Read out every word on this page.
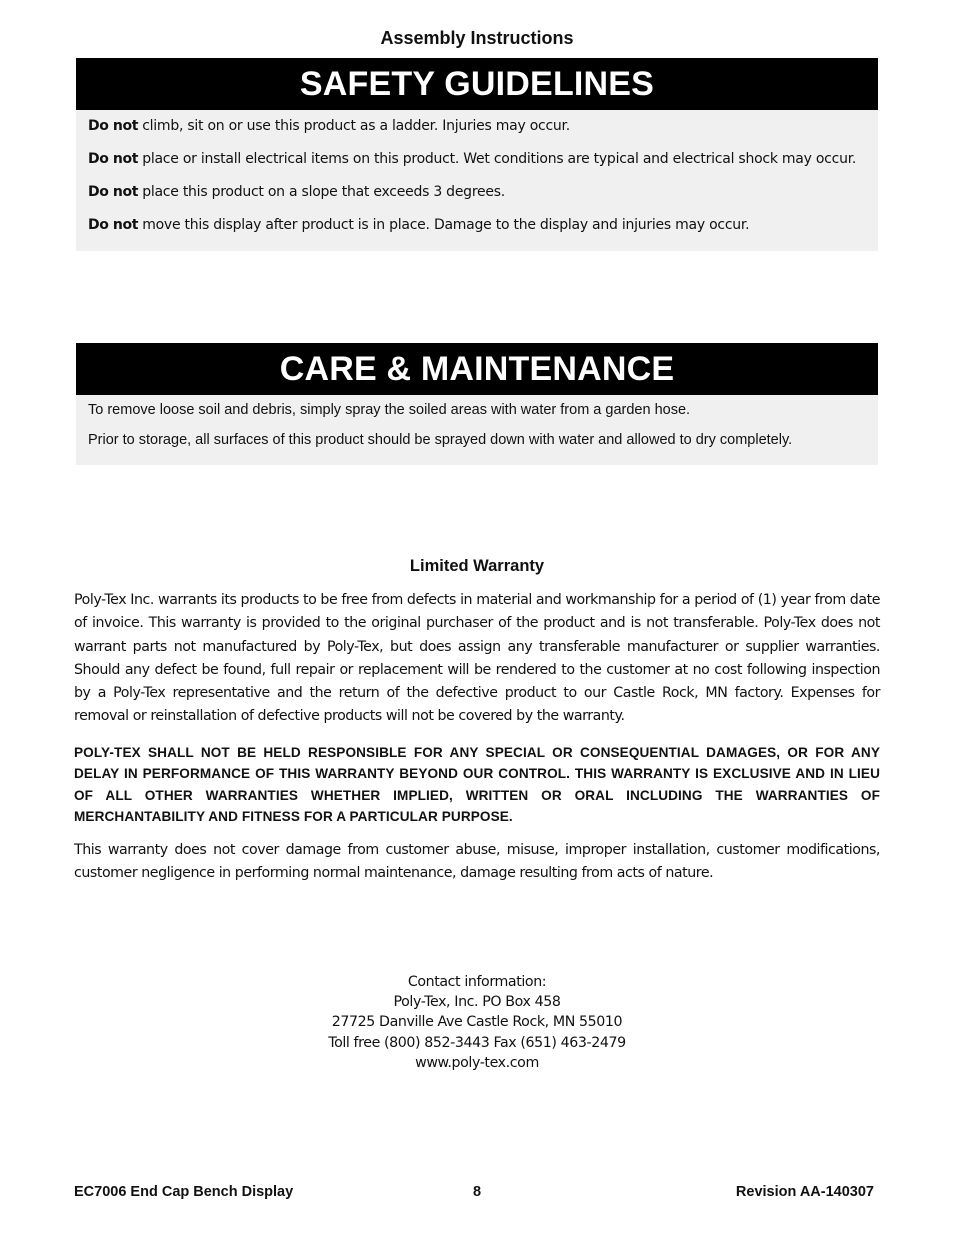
Assembly Instructions
SAFETY GUIDELINES
Do not climb, sit on or use this product as a ladder. Injuries may occur.
Do not place or install electrical items on this product. Wet conditions are typical and electrical shock may occur.
Do not place this product on a slope that exceeds 3 degrees.
Do not move this display after product is in place. Damage to the display and injuries may occur.
CARE & MAINTENANCE
To remove loose soil and debris, simply spray the soiled areas with water from a garden hose.
Prior to storage, all surfaces of this product should be sprayed down with water and allowed to dry completely.
Limited Warranty

Poly-Tex Inc. warrants its products to be free from defects in material and workmanship for a period of (1) year from date of invoice. This warranty is provided to the original purchaser of the product and is not transferable. Poly-Tex does not warrant parts not manufactured by Poly-Tex, but does assign any transferable manufacturer or supplier warranties. Should any defect be found, full repair or replacement will be rendered to the customer at no cost following inspection by a Poly-Tex representative and the return of the defective product to our Castle Rock, MN factory. Expenses for removal or reinstallation of defective products will not be covered by the warranty.

POLY-TEX SHALL NOT BE HELD RESPONSIBLE FOR ANY SPECIAL OR CONSEQUENTIAL DAMAGES, OR FOR ANY DELAY IN PERFORMANCE OF THIS WARRANTY BEYOND OUR CONTROL. THIS WARRANTY IS EXCLUSIVE AND IN LIEU OF ALL OTHER WARRANTIES WHETHER IMPLIED, WRITTEN OR ORAL INCLUDING THE WARRANTIES OF MERCHANTABILITY AND FITNESS FOR A PARTICULAR PURPOSE.

This warranty does not cover damage from customer abuse, misuse, improper installation, customer modifications, customer negligence in performing normal maintenance, damage resulting from acts of nature.

Contact information:
Poly-Tex, Inc. PO Box 458
27725 Danville Ave Castle Rock, MN 55010
Toll free (800) 852-3443 Fax (651) 463-2479
www.poly-tex.com
EC7006 End Cap Bench Display	8	Revision AA-140307
